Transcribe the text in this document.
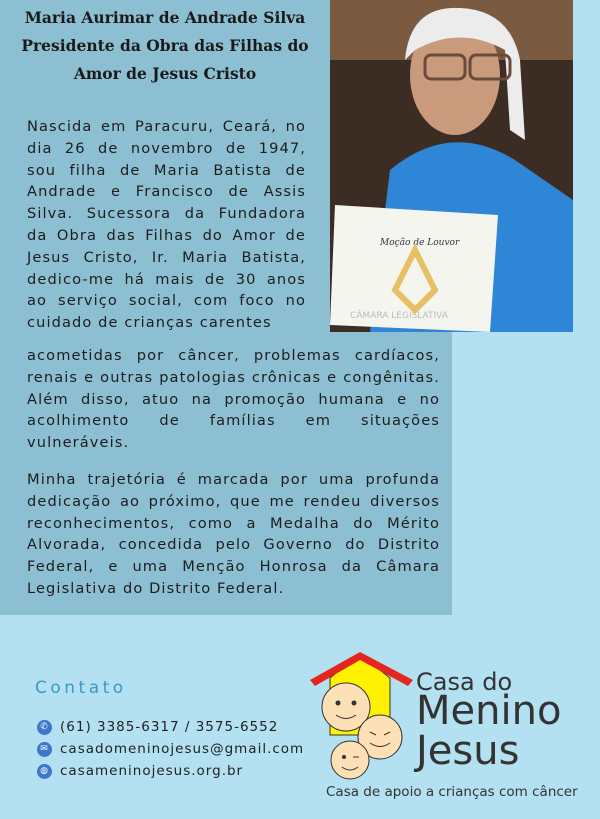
Maria Aurimar de Andrade Silva
Presidente da Obra das Filhas do
Amor de Jesus Cristo
Moção de Louvor
CÂMARA LEGISLATIVA

Nascida em Paracuru, Ceará, no dia 26 de novembro de 1947, sou filha de Maria Batista de Andrade e Francisco de Assis Silva. Sucessora da Fundadora da Obra das Filhas do Amor de Jesus Cristo, Ir. Maria Batista, dedico-me há mais de 30 anos ao serviço social, com foco no cuidado de crianças carentes

acometidas por câncer, problemas cardíacos, renais e outras patologias crônicas e congênitas. Além disso, atuo na promoção humana e no acolhimento de famílias em situações vulneráveis.

Minha trajetória é marcada por uma profunda dedicação ao próximo, que me rendeu diversos reconhecimentos, como a Medalha do Mérito Alvorada, concedida pelo Governo do Distrito Federal, e uma Menção Honrosa da Câmara Legislativa do Distrito Federal.

Contato
✆ (61) 3385-6317 / 3575-6552
✉ casadomeninojesus@gmail.com
◍ casameninojesus.org.br
Casa do
Menino
Jesus
Casa de apoio a crianças com câncer
